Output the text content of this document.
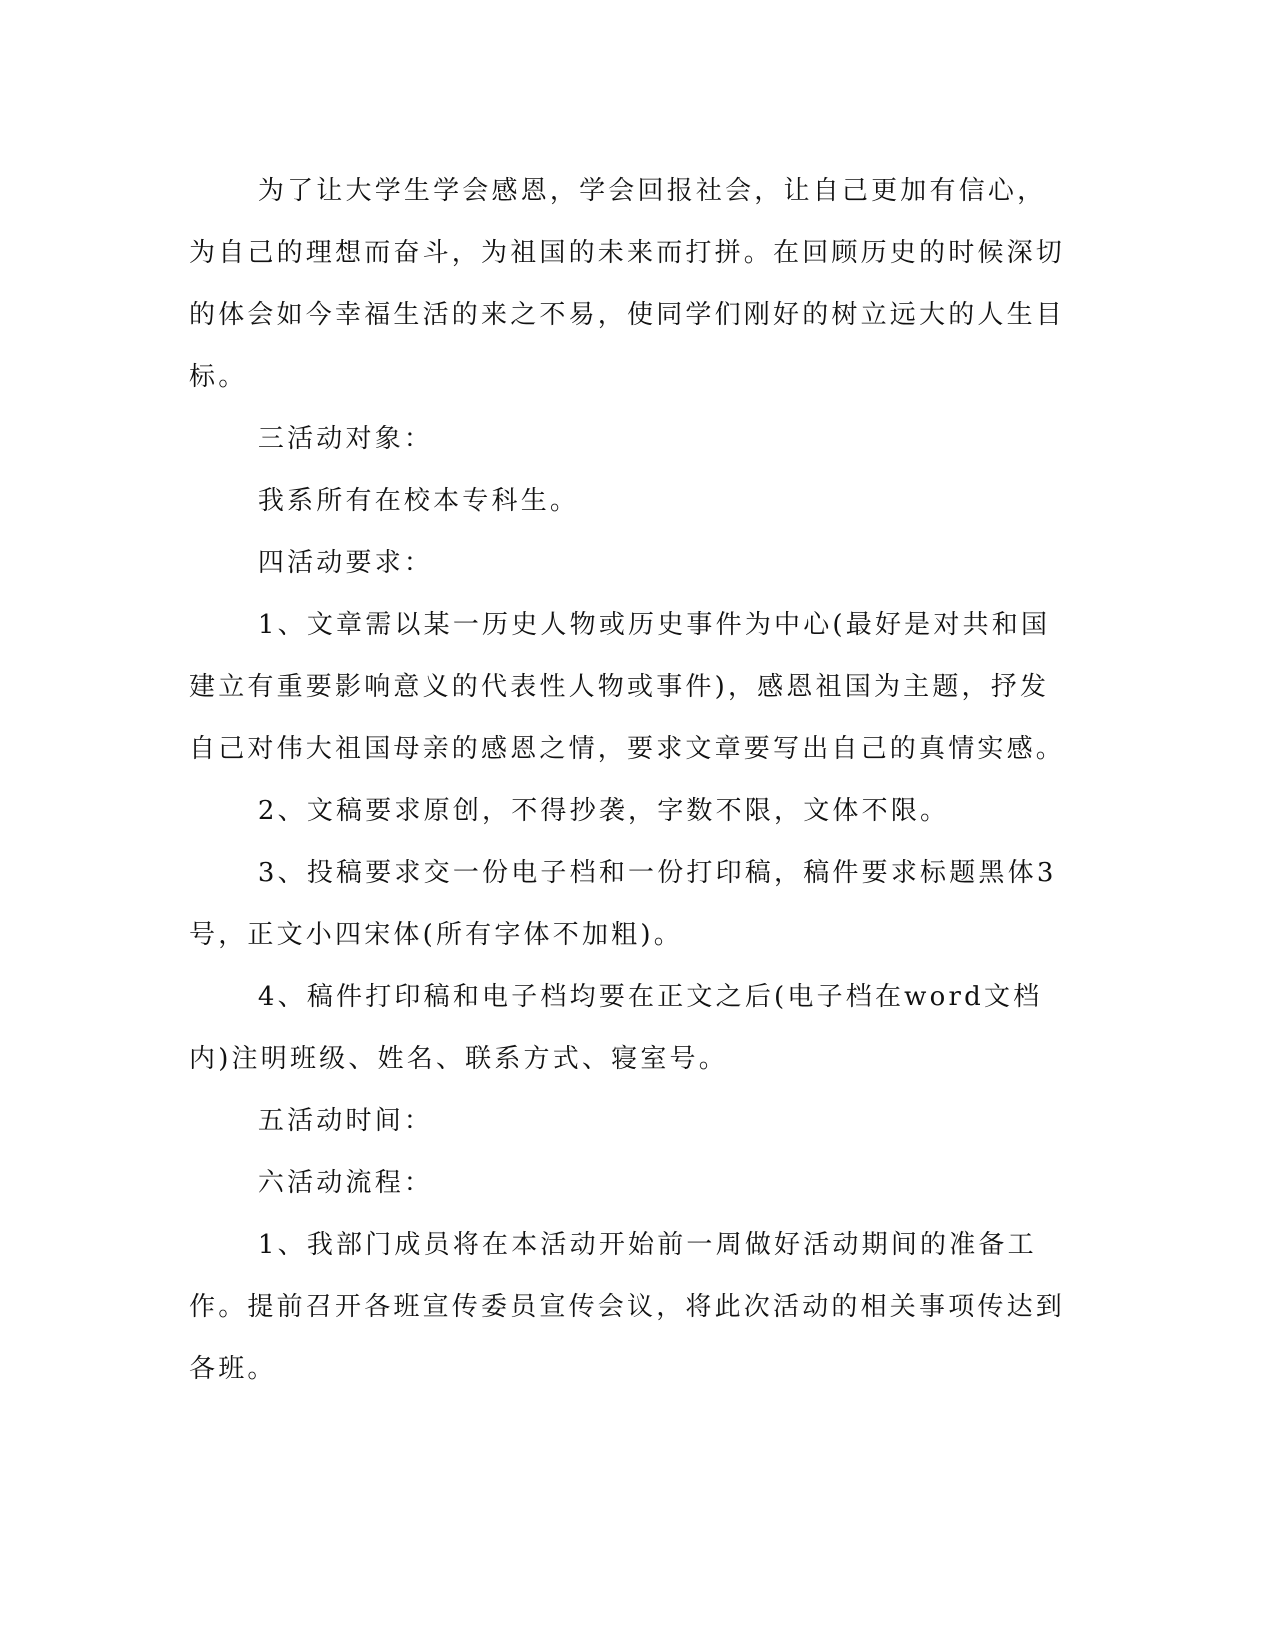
为了让大学生学会感恩，学会回报社会，让自己更加有信心，为自己的理想而奋斗，为祖国的未来而打拼。在回顾历史的时候深切的体会如今幸福生活的来之不易，使同学们刚好的树立远大的人生目标。

三活动对象：

我系所有在校本专科生。

四活动要求：

1、文章需以某一历史人物或历史事件为中心(最好是对共和国建立有重要影响意义的代表性人物或事件)，感恩祖国为主题，抒发自己对伟大祖国母亲的感恩之情，要求文章要写出自己的真情实感。

2、文稿要求原创，不得抄袭，字数不限，文体不限。

3、投稿要求交一份电子档和一份打印稿，稿件要求标题黑体3号，正文小四宋体(所有字体不加粗)。

4、稿件打印稿和电子档均要在正文之后(电子档在word文档内)注明班级、姓名、联系方式、寝室号。

五活动时间：

六活动流程：

1、我部门成员将在本活动开始前一周做好活动期间的准备工作。提前召开各班宣传委员宣传会议，将此次活动的相关事项传达到各班。
